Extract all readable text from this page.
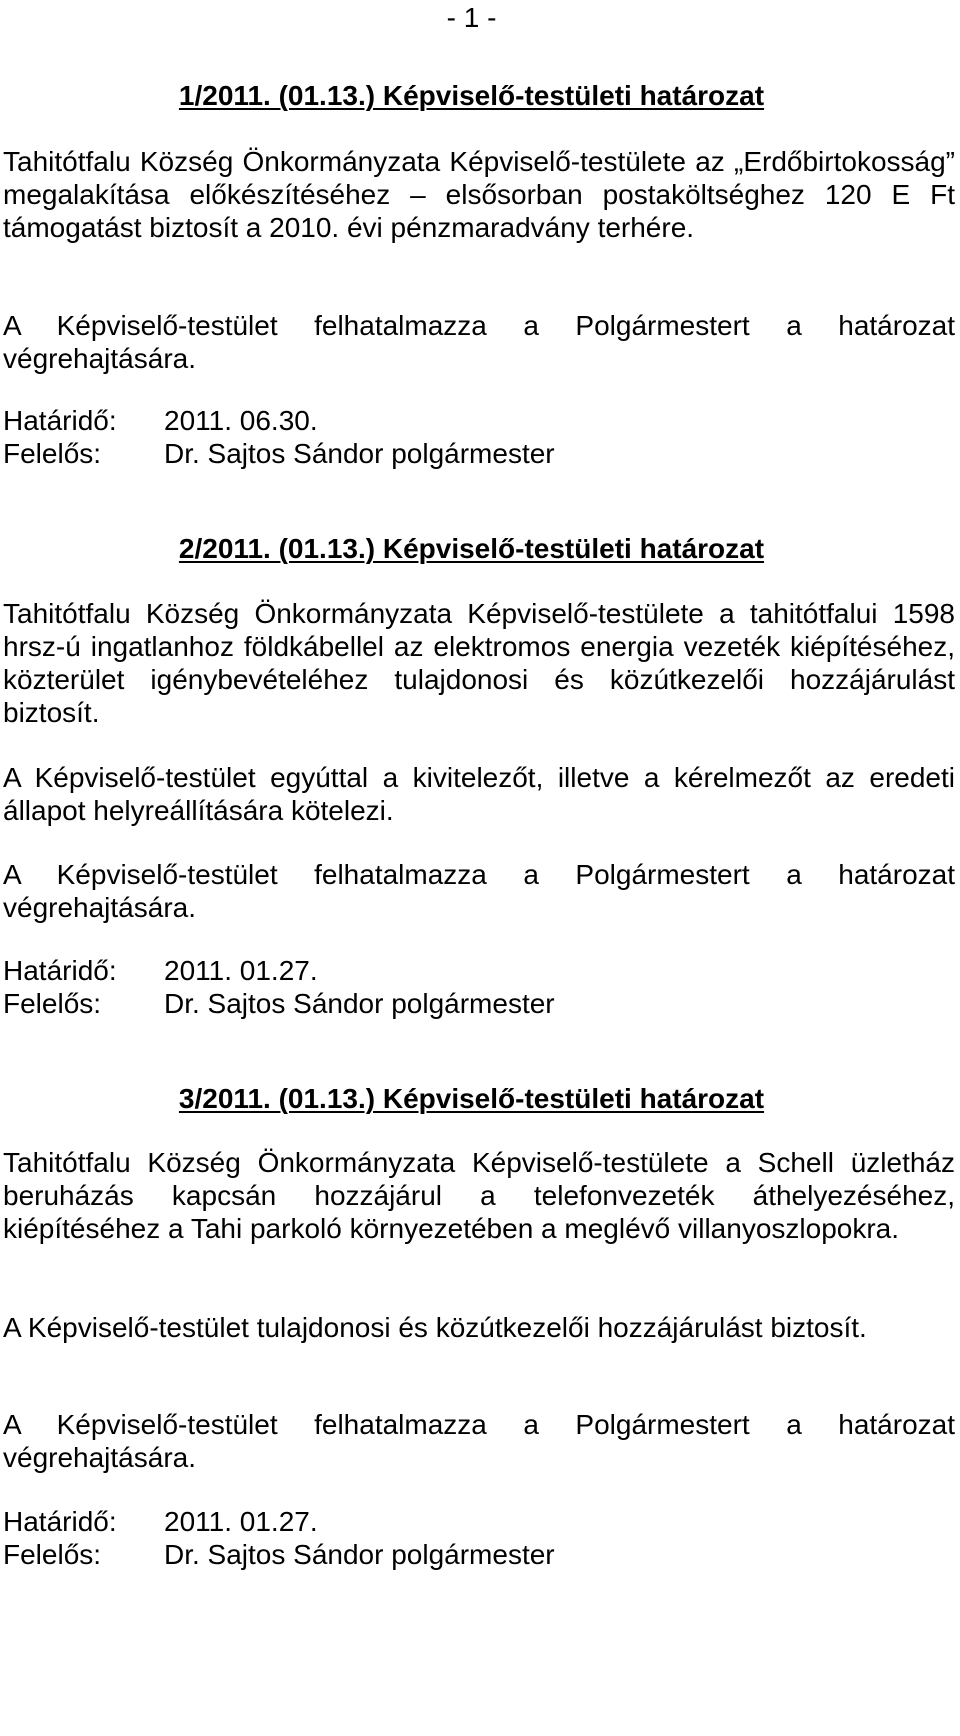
- 1 -
1/2011. (01.13.) Képviselő-testületi határozat

Tahitótfalu Község Önkormányzata Képviselő-testülete az „Erdőbirtokosság” megalakítása előkészítéséhez – elsősorban postaköltséghez 120 E Ft támogatást biztosít a 2010. évi pénzmaradvány terhére.

A Képviselő-testület felhatalmazza a Polgármestert a határozat végrehajtására.

Határidő: 2011. 06.30.
Felelős: Dr. Sajtos Sándor polgármester
2/2011. (01.13.) Képviselő-testületi határozat

Tahitótfalu Község Önkormányzata Képviselő-testülete a tahitótfalui 1598 hrsz-ú ingatlanhoz földkábellel az elektromos energia vezeték kiépítéséhez, közterület igénybevételéhez tulajdonosi és közútkezelői hozzájárulást biztosít.

A Képviselő-testület egyúttal a kivitelezőt, illetve a kérelmezőt az eredeti állapot helyreállítására kötelezi.

A Képviselő-testület felhatalmazza a Polgármestert a határozat végrehajtására.

Határidő: 2011. 01.27.
Felelős: Dr. Sajtos Sándor polgármester
3/2011. (01.13.) Képviselő-testületi határozat

Tahitótfalu Község Önkormányzata Képviselő-testülete a Schell üzletház beruházás kapcsán hozzájárul a telefonvezeték áthelyezéséhez, kiépítéséhez a Tahi parkoló környezetében a meglévő villanyoszlopokra.

A Képviselő-testület tulajdonosi és közútkezelői hozzájárulást biztosít.

A Képviselő-testület felhatalmazza a Polgármestert a határozat végrehajtására.

Határidő: 2011. 01.27.
Felelős: Dr. Sajtos Sándor polgármester
